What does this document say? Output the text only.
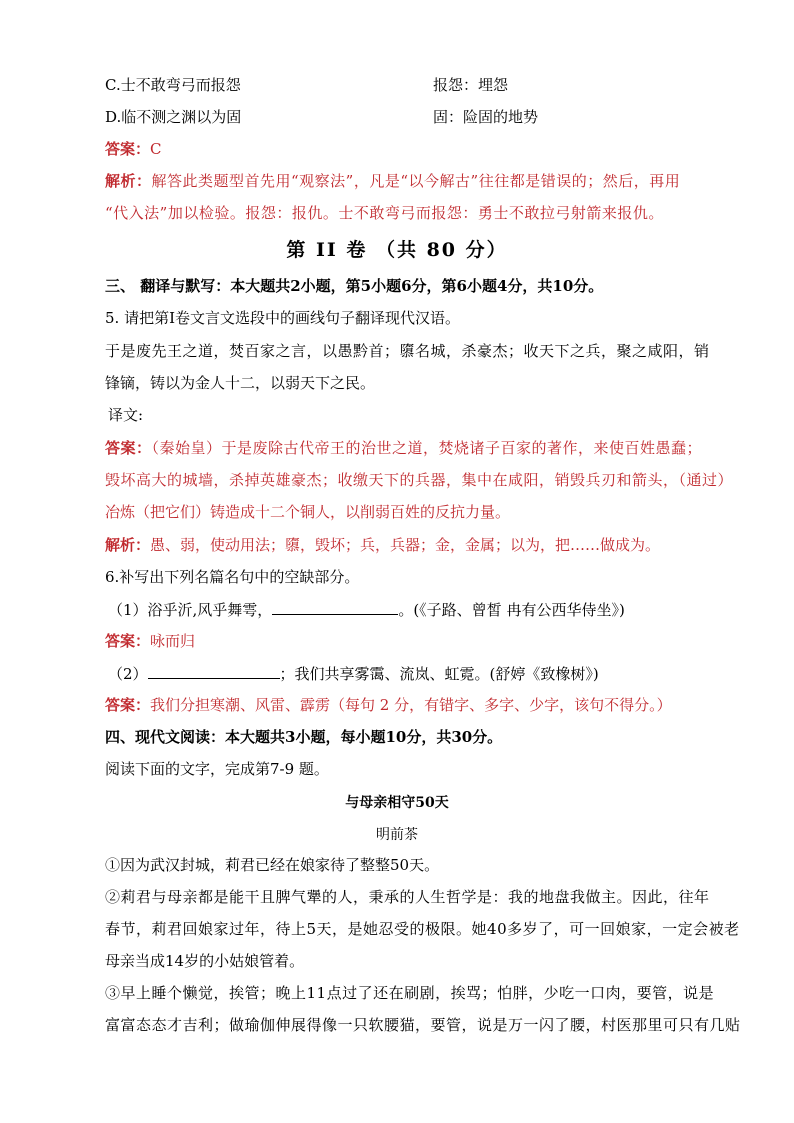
C.士不敢弯弓而报怨	报怨：埋怨
D.临不测之渊以为固	固：险固的地势
答案：C
解析：解答此类题型首先用“观察法”，凡是“以今解古”往往都是错误的；然后，再用
“代入法”加以检验。报怨：报仇。士不敢弯弓而报怨：勇士不敢拉弓射箭来报仇。
第 II 卷 （共 80 分）
三、 翻译与默写：本大题共2小题，第5小题6分，第6小题4分，共10分。
5. 请把第I卷文言文选段中的画线句子翻译现代汉语。
于是废先王之道，焚百家之言，以愚黔首；隳名城，杀豪杰；收天下之兵，聚之咸阳，销
锋镝，铸以为金人十二，以弱天下之民。
译文:
答案：（秦始皇）于是废除古代帝王的治世之道，焚烧诸子百家的著作，来使百姓愚蠢；
毁坏高大的城墙，杀掉英雄豪杰；收缴天下的兵器，集中在咸阳，销毁兵刃和箭头，（通过）
冶炼（把它们）铸造成十二个铜人，以削弱百姓的反抗力量。
解析：愚、弱，使动用法；隳，毁坏；兵，兵器；金，金属；以为，把……做成为。
6.补写出下列名篇名句中的空缺部分。
（1）浴乎沂,风乎舞雩，	。(《子路、曾皙 冉有公西华侍坐》)
答案：咏而归
（2）	；我们共享雾霭、流岚、虹霓。(舒婷《致橡树》)
答案：我们分担寒潮、风雷、霹雳（每句 2 分，有错字、多字、少字，该句不得分。）
四、现代文阅读：本大题共3小题，每小题10分，共30分。
阅读下面的文字，完成第7-9 题。
与母亲相守50天
明前茶
①因为武汉封城，莉君已经在娘家待了整整50天。
②莉君与母亲都是能干且脾气犟的人，秉承的人生哲学是：我的地盘我做主。因此，往年
春节，莉君回娘家过年，待上5天，是她忍受的极限。她40多岁了，可一回娘家，一定会被老
母亲当成14岁的小姑娘管着。
③早上睡个懒觉，挨管；晚上11点过了还在刷剧，挨骂；怕胖，少吃一口肉，要管，说是
富富态态才吉利；做瑜伽伸展得像一只软腰猫，要管，说是万一闪了腰，村医那里可只有几贴
